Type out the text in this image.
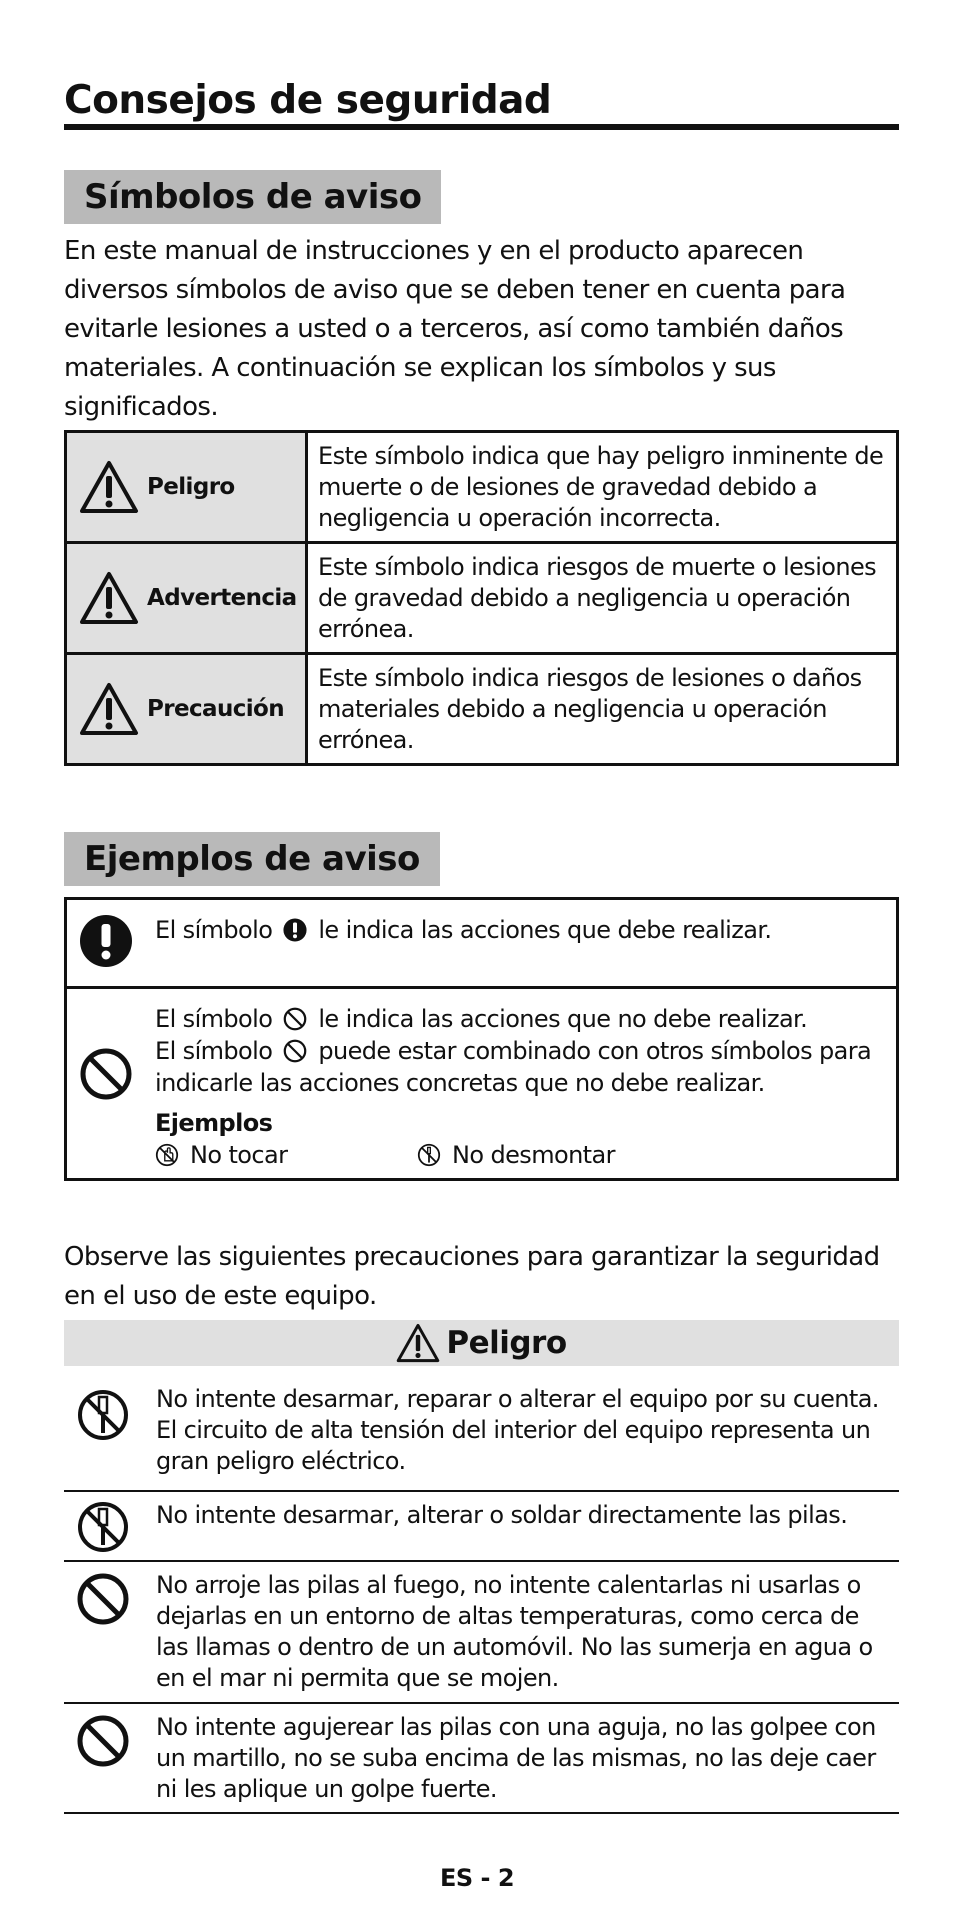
Consejos de seguridad
Símbolos de aviso
En este manual de instrucciones y en el producto aparecen diversos símbolos de aviso que se deben tener en cuenta para evitarle lesiones a usted o a terceros, así como también daños materiales. A continuación se explican los símbolos y sus significados.
Peligro	Este símbolo indica que hay peligro inminente de muerte o de lesiones de gravedad debido a negligencia u operación incorrecta.

Advertencia	Este símbolo indica riesgos de muerte o lesiones de gravedad debido a negligencia u operación errónea.

Precaución	Este símbolo indica riesgos de lesiones o daños materiales debido a negligencia u operación errónea.
Ejemplos de aviso
El símbolo le indica las acciones que debe realizar.
El símbolo le indica las acciones que no debe realizar.
El símbolo puede estar combinado con otros símbolos para indicarle las acciones concretas que no debe realizar.
Ejemplos
No tocar	No desmontar
Observe las siguientes precauciones para garantizar la seguridad en el uso de este equipo.
Peligro
No intente desarmar, reparar o alterar el equipo por su cuenta. El circuito de alta tensión del interior del equipo representa un gran peligro eléctrico.
No intente desarmar, alterar o soldar directamente las pilas.
No arroje las pilas al fuego, no intente calentarlas ni usarlas o dejarlas en un entorno de altas temperaturas, como cerca de las llamas o dentro de un automóvil. No las sumerja en agua o en el mar ni permita que se mojen.
No intente agujerear las pilas con una aguja, no las golpee con un martillo, no se suba encima de las mismas, no las deje caer ni les aplique un golpe fuerte.
ES - 2
